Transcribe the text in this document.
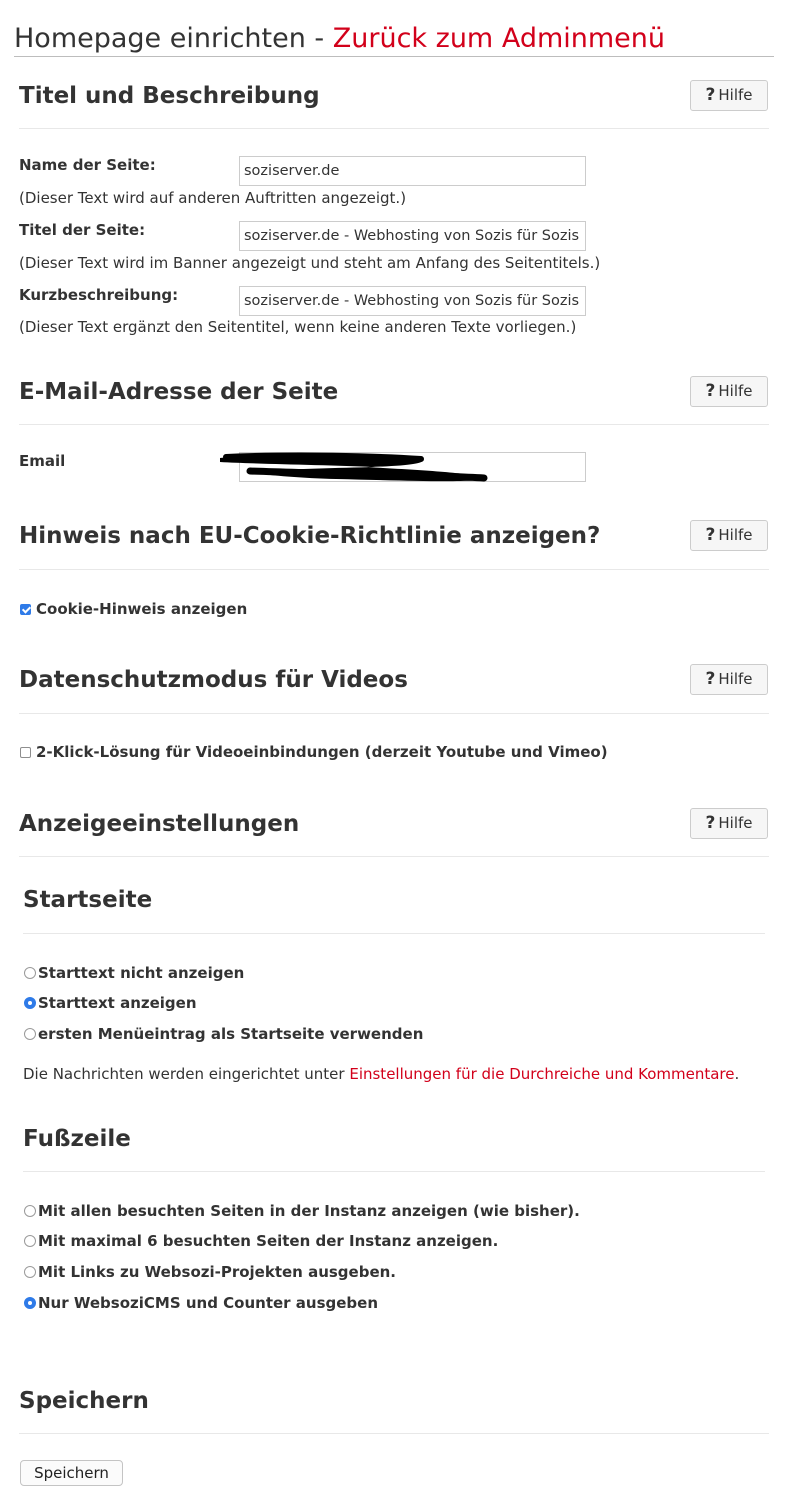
Homepage einrichten - Zurück zum Adminmenü
Titel und Beschreibung	? Hilfe
Name der Seite:
soziserver.de
(Dieser Text wird auf anderen Auftritten angezeigt.)
Titel der Seite:
soziserver.de - Webhosting von Sozis für Sozis
(Dieser Text wird im Banner angezeigt und steht am Anfang des Seitentitels.)
Kurzbeschreibung:
soziserver.de - Webhosting von Sozis für Sozis
(Dieser Text ergänzt den Seitentitel, wenn keine anderen Texte vorliegen.)
E-Mail-Adresse der Seite	? Hilfe
Email
Hinweis nach EU-Cookie-Richtlinie anzeigen?	? Hilfe
Cookie-Hinweis anzeigen
Datenschutzmodus für Videos	? Hilfe
2-Klick-Lösung für Videoeinbindungen (derzeit Youtube und Vimeo)
Anzeigeeinstellungen	? Hilfe
Startseite
Starttext nicht anzeigen
Starttext anzeigen
ersten Menüeintrag als Startseite verwenden
Die Nachrichten werden eingerichtet unter Einstellungen für die Durchreiche und Kommentare.
Fußzeile
Mit allen besuchten Seiten in der Instanz anzeigen (wie bisher).
Mit maximal 6 besuchten Seiten der Instanz anzeigen.
Mit Links zu Websozi-Projekten ausgeben.
Nur WebsoziCMS und Counter ausgeben
Speichern
Speichern
